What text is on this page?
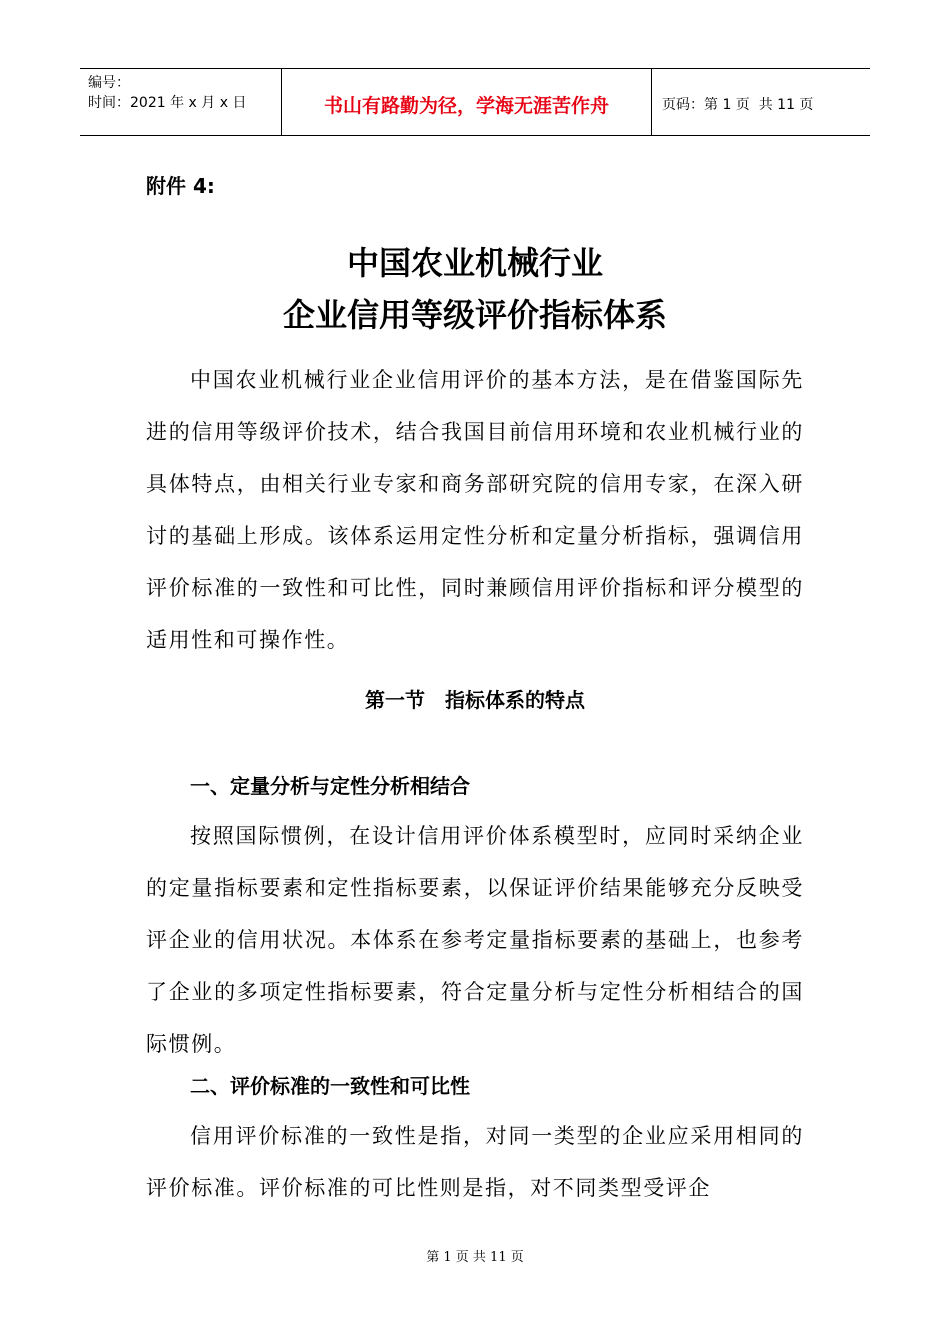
编号：
时间：2021 年 x 月 x 日	书山有路勤为径，学海无涯苦作舟	页码：第 1 页  共 11 页
附件 4:
中国农业机械行业
企业信用等级评价指标体系
中国农业机械行业企业信用评价的基本方法，是在借鉴国际先进的信用等级评价技术，结合我国目前信用环境和农业机械行业的具体特点，由相关行业专家和商务部研究院的信用专家，在深入研讨的基础上形成。该体系运用定性分析和定量分析指标，强调信用评价标准的一致性和可比性，同时兼顾信用评价指标和评分模型的适用性和可操作性。
第一节　指标体系的特点
一、定量分析与定性分析相结合
按照国际惯例，在设计信用评价体系模型时，应同时采纳企业的定量指标要素和定性指标要素，以保证评价结果能够充分反映受评企业的信用状况。本体系在参考定量指标要素的基础上，也参考了企业的多项定性指标要素，符合定量分析与定性分析相结合的国际惯例。
二、评价标准的一致性和可比性
信用评价标准的一致性是指，对同一类型的企业应采用相同的评价标准。评价标准的可比性则是指，对不同类型受评企
第 1 页 共 11 页
